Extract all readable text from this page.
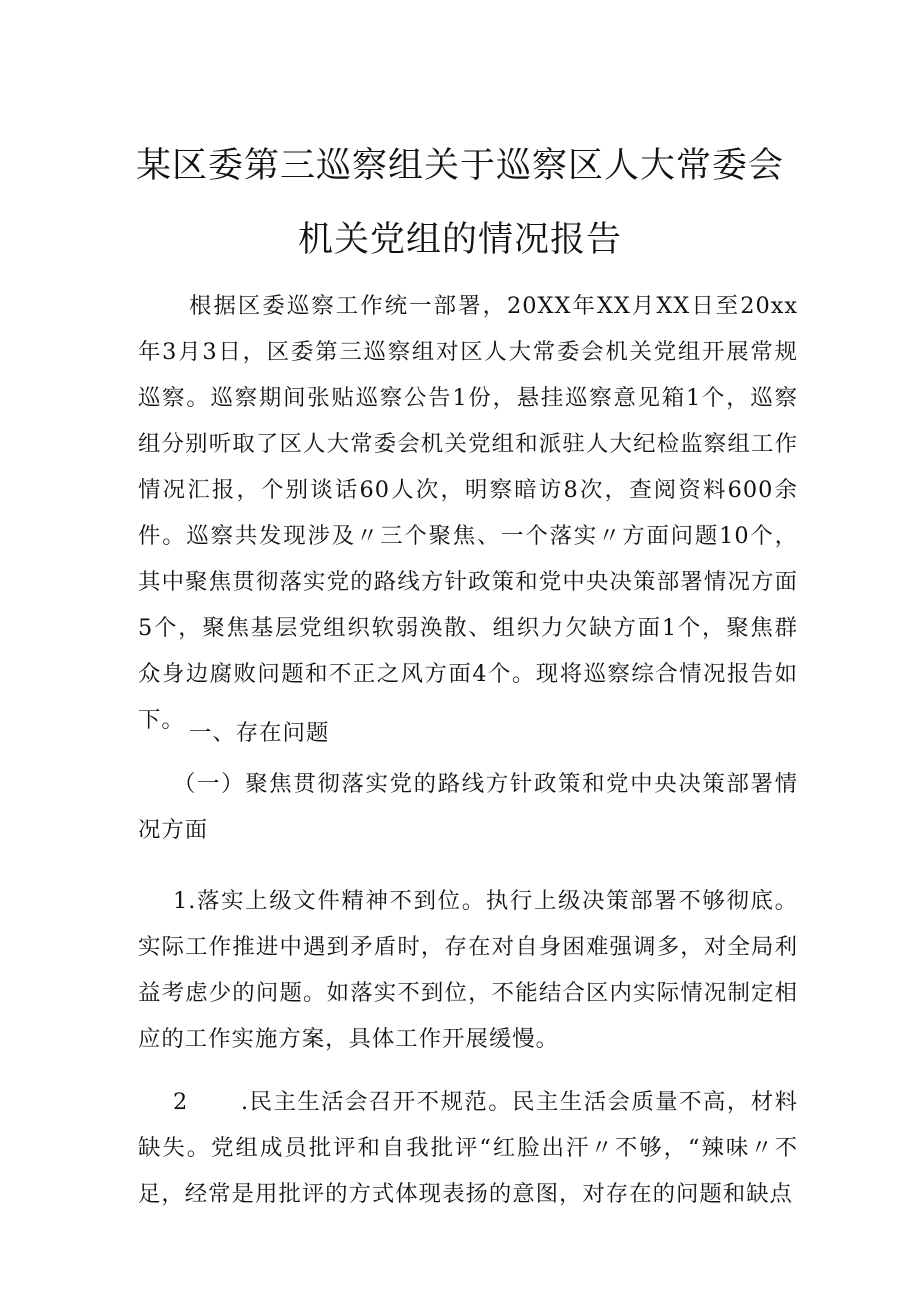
某区委第三巡察组关于巡察区人大常委会
机关党组的情况报告
根据区委巡察工作统一部署，20XX年XX月XX日至20xx年3月3日，区委第三巡察组对区人大常委会机关党组开展常规巡察。巡察期间张贴巡察公告1份，悬挂巡察意见箱1个，巡察组分别听取了区人大常委会机关党组和派驻人大纪检监察组工作情况汇报，个别谈话60人次，明察暗访8次，查阅资料600余件。巡察共发现涉及〃三个聚焦、一个落实〃方面问题10个，其中聚焦贯彻落实党的路线方针政策和党中央决策部署情况方面5个，聚焦基层党组织软弱涣散、组织力欠缺方面1个，聚焦群众身边腐败问题和不正之风方面4个。现将巡察综合情况报告如下。 一、存在问题
（一）聚焦贯彻落实党的路线方针政策和党中央决策部署情况方面
1.落实上级文件精神不到位。执行上级决策部署不够彻底。实际工作推进中遇到矛盾时，存在对自身困难强调多，对全局利益考虑少的问题。如落实不到位，不能结合区内实际情况制定相应的工作实施方案，具体工作开展缓慢。
2 .民主生活会召开不规范。民主生活会质量不高，材料缺失。党组成员批评和自我批评“红脸出汗〃不够，“辣味〃不足，经常是用批评的方式体现表扬的意图，对存在的问题和缺点
